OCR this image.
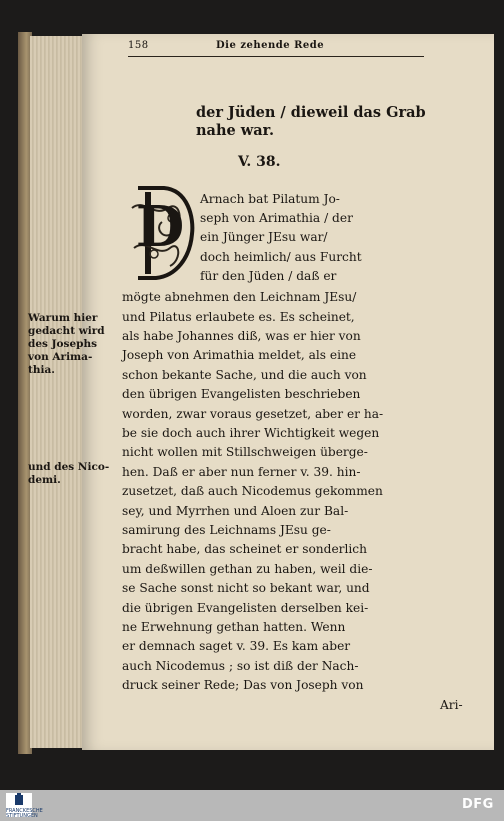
158	Die zehende Rede
der Jüden / dieweil das Grab
nahe war.
V. 38.
D Arnach bat Pilatum Jo-
seph von Arimathia / der
ein Jünger JEsu war/
doch heimlich/ aus Furcht
für den Jüden / daß er
mögte abnehmen den Leichnam JEsu/
und Pilatus erlaubete es. Es scheinet,
als habe Johannes diß, was er hier von
Joseph von Arimathia meldet, als eine
schon bekante Sache, und die auch von
den übrigen Evangelisten beschrieben
worden, zwar voraus gesetzet, aber er ha-
be sie doch auch ihrer Wichtigkeit wegen
nicht wollen mit Stillschweigen überge-
hen. Daß er aber nun ferner v. 39. hin-
zusetzet, daß auch Nicodemus gekommen
sey, und Myrrhen und Aloen zur Bal-
samirung des Leichnams JEsu ge-
bracht habe, das scheinet er sonderlich
um deßwillen gethan zu haben, weil die-
se Sache sonst nicht so bekant war, und
die übrigen Evangelisten derselben kei-
ne Erwehnung gethan hatten. Wenn
er demnach saget v. 39. Es kam aber
auch Nicodemus ; so ist diß der Nach-
druck seiner Rede; Das von Joseph von
Ari-
Warum hier
gedacht wird
des Josephs
von Arima-
thia.
und des Nico-
demi.
FRANCKESCHE STIFTUNGEN
DFG
